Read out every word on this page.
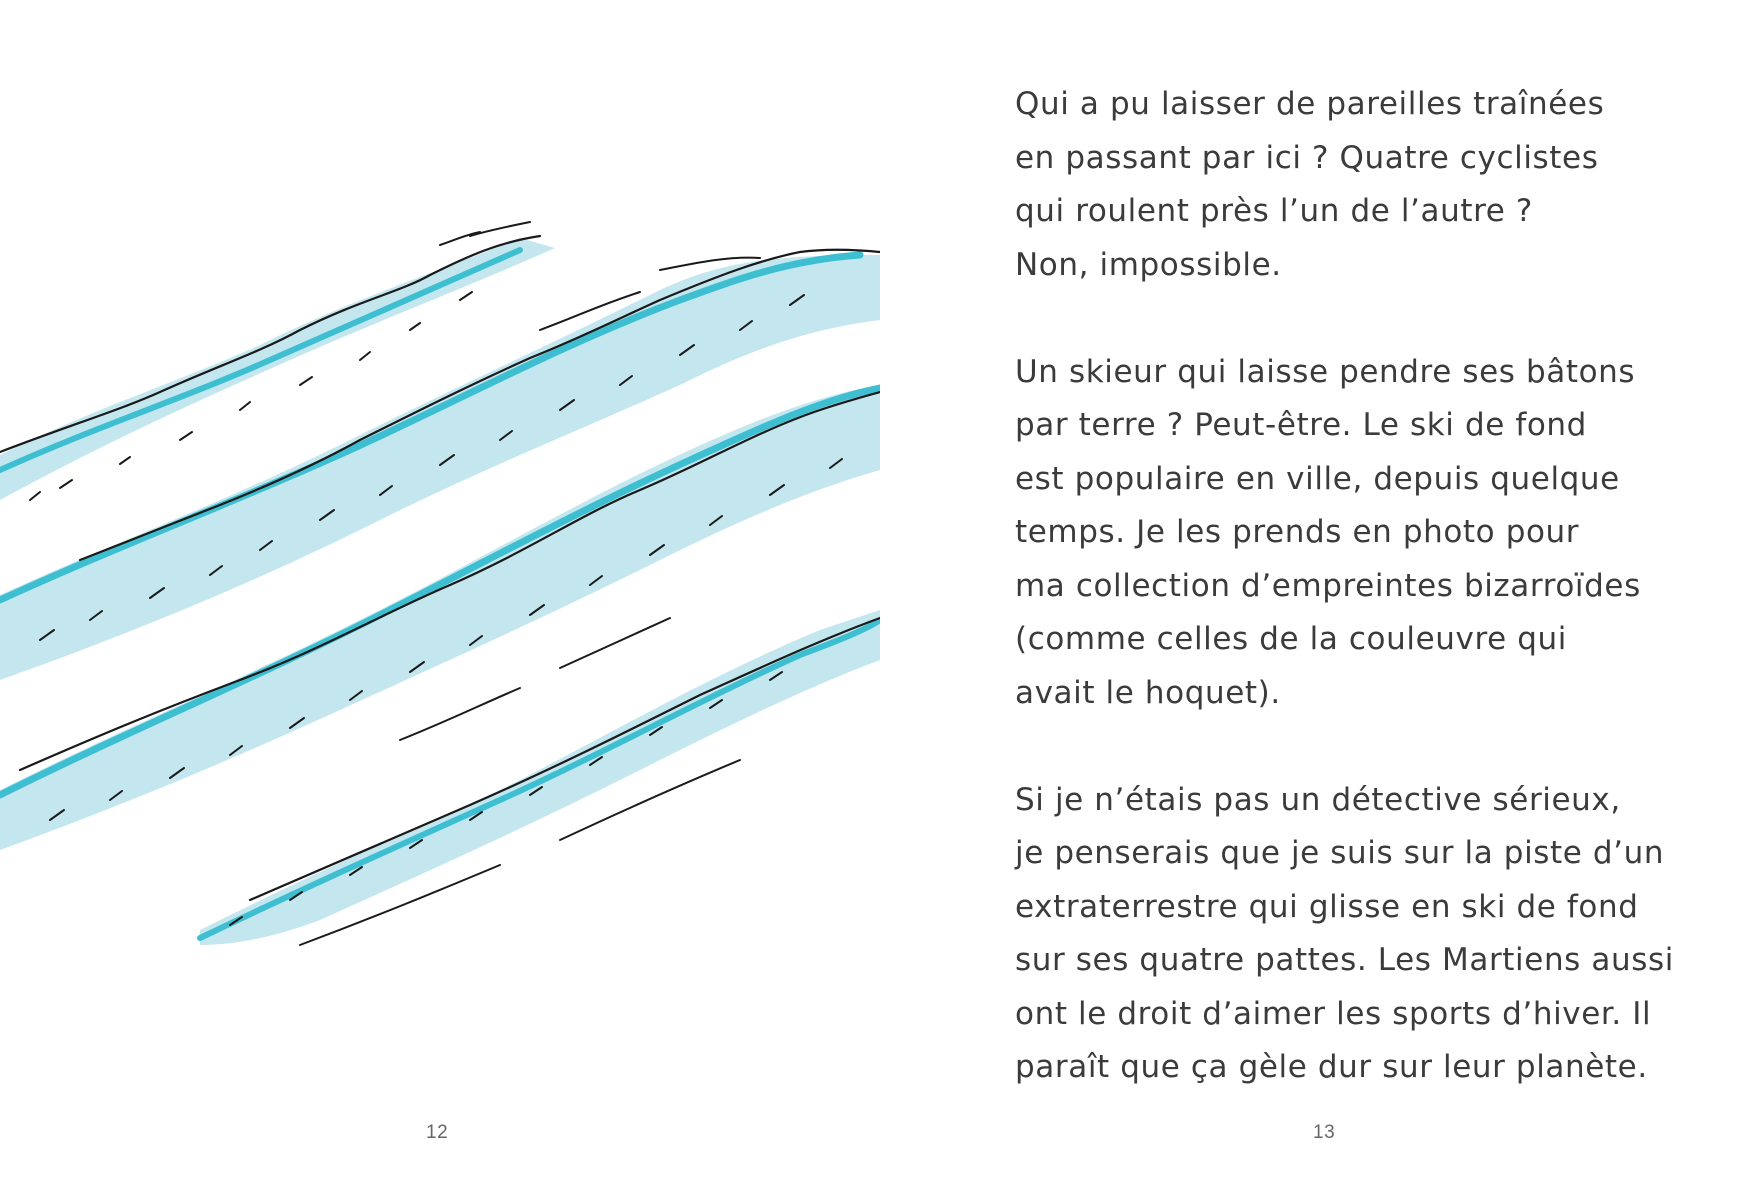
12

Qui a pu laisser de pareilles traînées
en passant par ici ? Quatre cyclistes
qui roulent près l’un de l’autre ?
Non, impossible.

Un skieur qui laisse pendre ses bâtons
par terre ? Peut-être. Le ski de fond
est populaire en ville, depuis quelque
temps. Je les prends en photo pour
ma collection d’empreintes bizarroïdes
(comme celles de la couleuvre qui
avait le hoquet).

Si je n’étais pas un détective sérieux,
je penserais que je suis sur la piste d’un
extraterrestre qui glisse en ski de fond
sur ses quatre pattes. Les Martiens aussi
ont le droit d’aimer les sports d’hiver. Il
paraît que ça gèle dur sur leur planète.

13
